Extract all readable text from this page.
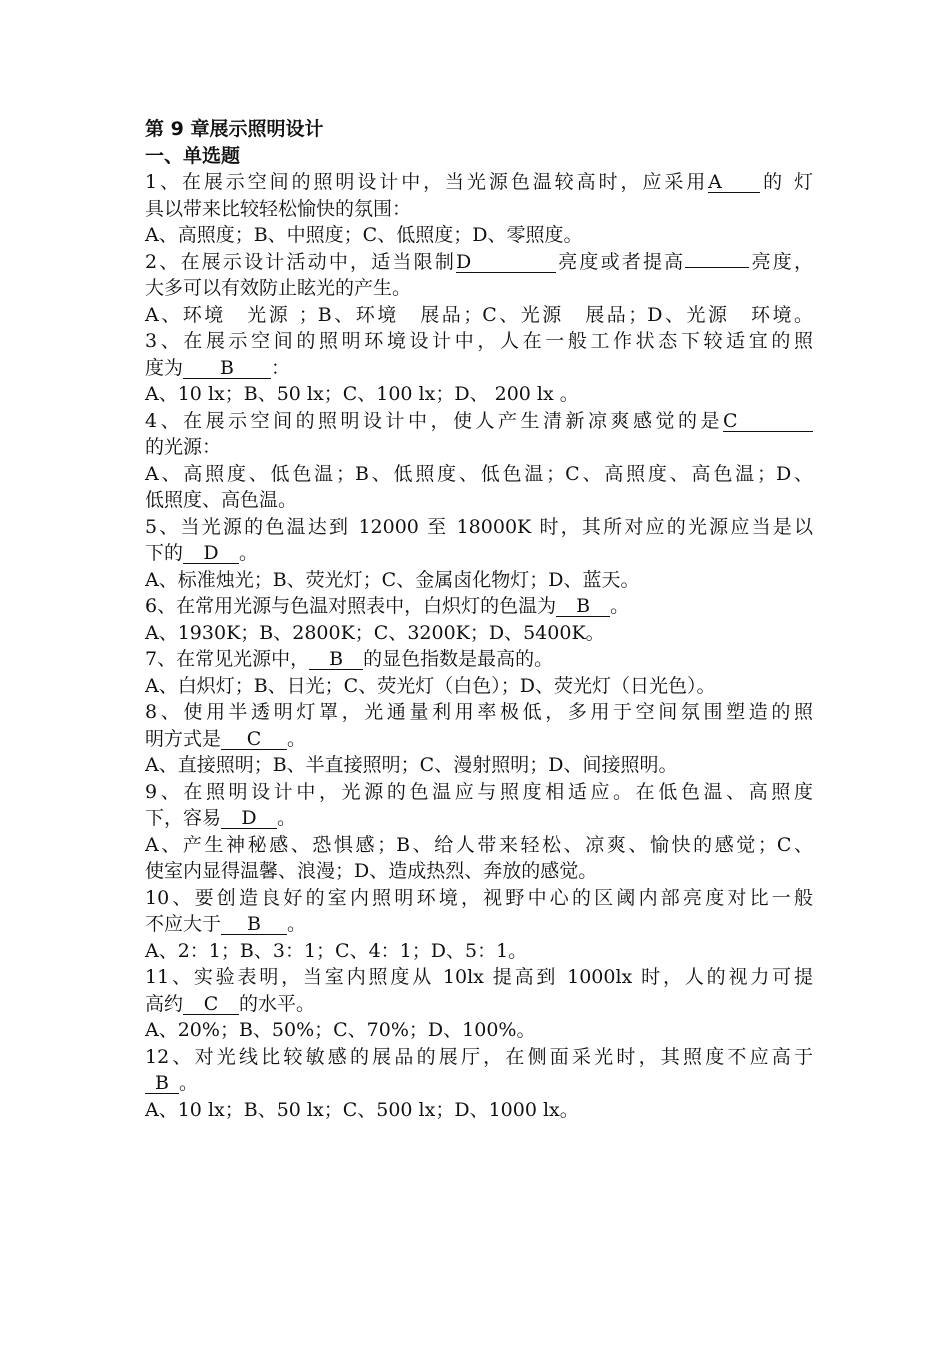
第 9 章展示照明设计
一、单选题
1、在展示空间的照明设计中，当光源色温较高时，应采用A 的 灯
具以带来比较轻松愉快的氛围：
A、高照度；B、中照度；C、低照度；D、零照度。
2、在展示设计活动中，适当限制D	亮度或者提高	亮度，
大多可以有效防止眩光的产生。
A、环境　光源 ；B、环境　展品；C、光源　展品；D、光源　环境。
3、在展示空间的照明环境设计中，人在一般工作状态下较适宜的照
度为 B ：
A、10 lx；B、50 lx；C、100 lx；D、 200 lx 。
4、在展示空间的照明设计中，使人产生清新凉爽感觉的是C
的光源：
A、高照度、低色温；B、低照度、低色温；C、高照度、高色温；D、
低照度、高色温。
5、当光源的色温达到 12000 至 18000K 时，其所对应的光源应当是以
下的 D 。
A、标准烛光；B、荧光灯；C、金属卤化物灯；D、蓝天。
6、在常用光源与色温对照表中，白炽灯的色温为 B 。
A、1930K；B、2800K；C、3200K；D、5400K。
7、在常见光源中， B 的显色指数是最高的。
A、白炽灯；B、日光；C、荧光灯（白色）；D、荧光灯（日光色）。
8、使用半透明灯罩，光通量利用率极低，多用于空间氛围塑造的照
明方式是 C 。
A、直接照明；B、半直接照明；C、漫射照明；D、间接照明。
9、在照明设计中，光源的色温应与照度相适应。在低色温、高照度
下，容易 D 。
A、产生神秘感、恐惧感；B、给人带来轻松、凉爽、愉快的感觉；C、
使室内显得温馨、浪漫；D、造成热烈、奔放的感觉。
10、要创造良好的室内照明环境，视野中心的区阈内部亮度对比一般
不应大于 B 。
A、2：1；B、3：1；C、4：1；D、5：1。
11、实验表明，当室内照度从 10lx 提高到 1000lx 时，人的视力可提
高约 C 的水平。
A、20%；B、50%；C、70%；D、100%。
12、对光线比较敏感的展品的展厅，在侧面采光时，其照度不应高于
B 。
A、10 lx；B、50 lx；C、500 lx；D、1000 lx。
